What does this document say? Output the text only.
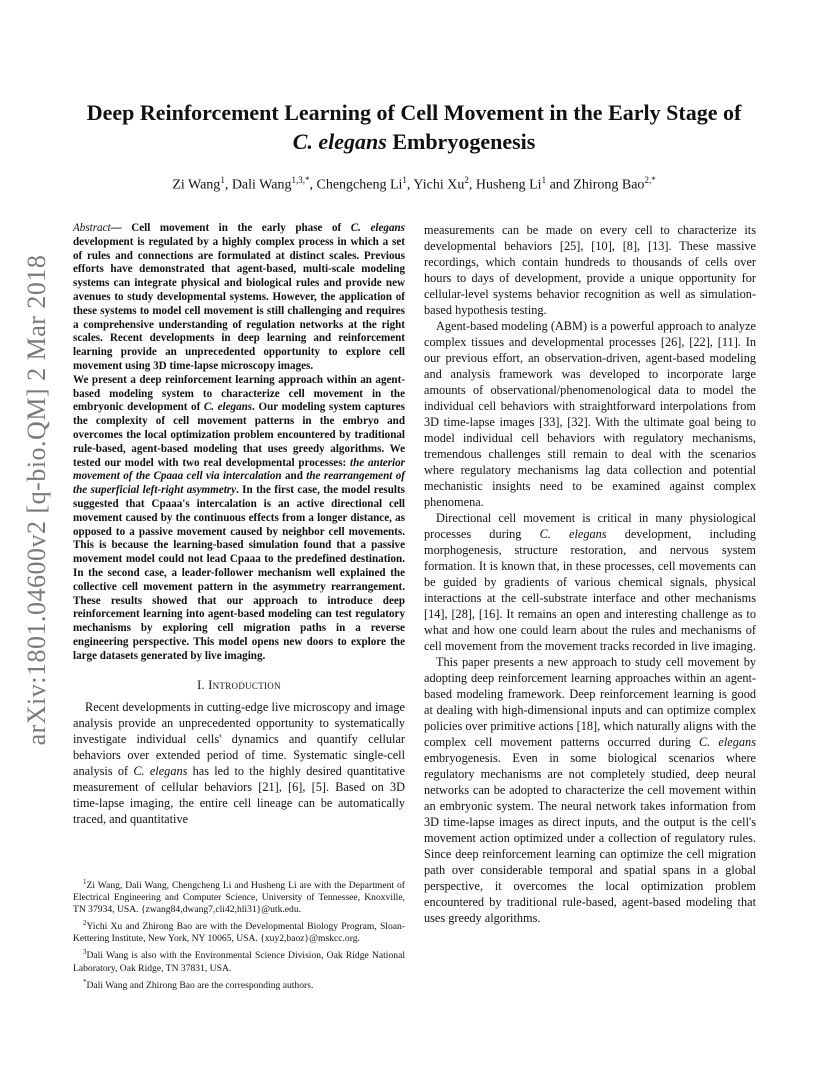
arXiv:1801.04600v2 [q-bio.QM] 2 Mar 2018
Deep Reinforcement Learning of Cell Movement in the Early Stage of
C. elegans Embryogenesis
Zi Wang$^1$, Dali Wang$^{1,3,*}$, Chengcheng Li$^1$, Yichi Xu$^2$, Husheng Li$^1$ and Zhirong Bao$^{2,*}$
Abstract— Cell movement in the early phase of C. elegans development is regulated by a highly complex process in which a set of rules and connections are formulated at distinct scales. Previous efforts have demonstrated that agent-based, multi-scale modeling systems can integrate physical and biological rules and provide new avenues to study developmental systems. However, the application of these systems to model cell movement is still challenging and requires a comprehensive understanding of regulation networks at the right scales. Recent developments in deep learning and reinforcement learning provide an unprecedented opportunity to explore cell movement using 3D time-lapse microscopy images.
We present a deep reinforcement learning approach within an agent-based modeling system to characterize cell movement in the embryonic development of C. elegans. Our modeling system captures the complexity of cell movement patterns in the embryo and overcomes the local optimization problem encountered by traditional rule-based, agent-based modeling that uses greedy algorithms. We tested our model with two real developmental processes: the anterior movement of the Cpaaa cell via intercalation and the rearrangement of the superficial left-right asymmetry. In the first case, the model results suggested that Cpaaa's intercalation is an active directional cell movement caused by the continuous effects from a longer distance, as opposed to a passive movement caused by neighbor cell movements. This is because the learning-based simulation found that a passive movement model could not lead Cpaaa to the predefined destination. In the second case, a leader-follower mechanism well explained the collective cell movement pattern in the asymmetry rearrangement. These results showed that our approach to introduce deep reinforcement learning into agent-based modeling can test regulatory mechanisms by exploring cell migration paths in a reverse engineering perspective. This model opens new doors to explore the large datasets generated by live imaging.
I. Introduction

Recent developments in cutting-edge live microscopy and image analysis provide an unprecedented opportunity to systematically investigate individual cells' dynamics and quantify cellular behaviors over extended period of time. Systematic single-cell analysis of C. elegans has led to the highly desired quantitative measurement of cellular behaviors [21], [6], [5]. Based on 3D time-lapse imaging, the entire cell lineage can be automatically traced, and quantitative

$^1$Zi Wang, Dali Wang, Chengcheng Li and Husheng Li are with the Department of Electrical Engineering and Computer Science, University of Tennessee, Knoxville, TN 37934, USA. {zwang84,dwang7,cli42,hli31}@utk.edu.

$^2$Yichi Xu and Zhirong Bao are with the Developmental Biology Program, Sloan-Kettering Institute, New York, NY 10065, USA. {xuy2,baoz}@mskcc.org.

$^3$Dali Wang is also with the Environmental Science Division, Oak Ridge National Laboratory, Oak Ridge, TN 37831, USA.

*Dali Wang and Zhirong Bao are the corresponding authors.

measurements can be made on every cell to characterize its developmental behaviors [25], [10], [8], [13]. These massive recordings, which contain hundreds to thousands of cells over hours to days of development, provide a unique opportunity for cellular-level systems behavior recognition as well as simulation-based hypothesis testing.

Agent-based modeling (ABM) is a powerful approach to analyze complex tissues and developmental processes [26], [22], [11]. In our previous effort, an observation-driven, agent-based modeling and analysis framework was developed to incorporate large amounts of observational/phenomenological data to model the individual cell behaviors with straightforward interpolations from 3D time-lapse images [33], [32]. With the ultimate goal being to model individual cell behaviors with regulatory mechanisms, tremendous challenges still remain to deal with the scenarios where regulatory mechanisms lag data collection and potential mechanistic insights need to be examined against complex phenomena.

Directional cell movement is critical in many physiological processes during C. elegans development, including morphogenesis, structure restoration, and nervous system formation. It is known that, in these processes, cell movements can be guided by gradients of various chemical signals, physical interactions at the cell-substrate interface and other mechanisms [14], [28], [16]. It remains an open and interesting challenge as to what and how one could learn about the rules and mechanisms of cell movement from the movement tracks recorded in live imaging.

This paper presents a new approach to study cell movement by adopting deep reinforcement learning approaches within an agent-based modeling framework. Deep reinforcement learning is good at dealing with high-dimensional inputs and can optimize complex policies over primitive actions [18], which naturally aligns with the complex cell movement patterns occurred during C. elegans embryogenesis. Even in some biological scenarios where regulatory mechanisms are not completely studied, deep neural networks can be adopted to characterize the cell movement within an embryonic system. The neural network takes information from 3D time-lapse images as direct inputs, and the output is the cell's movement action optimized under a collection of regulatory rules. Since deep reinforcement learning can optimize the cell migration path over considerable temporal and spatial spans in a global perspective, it overcomes the local optimization problem encountered by traditional rule-based, agent-based modeling that uses greedy algorithms.
